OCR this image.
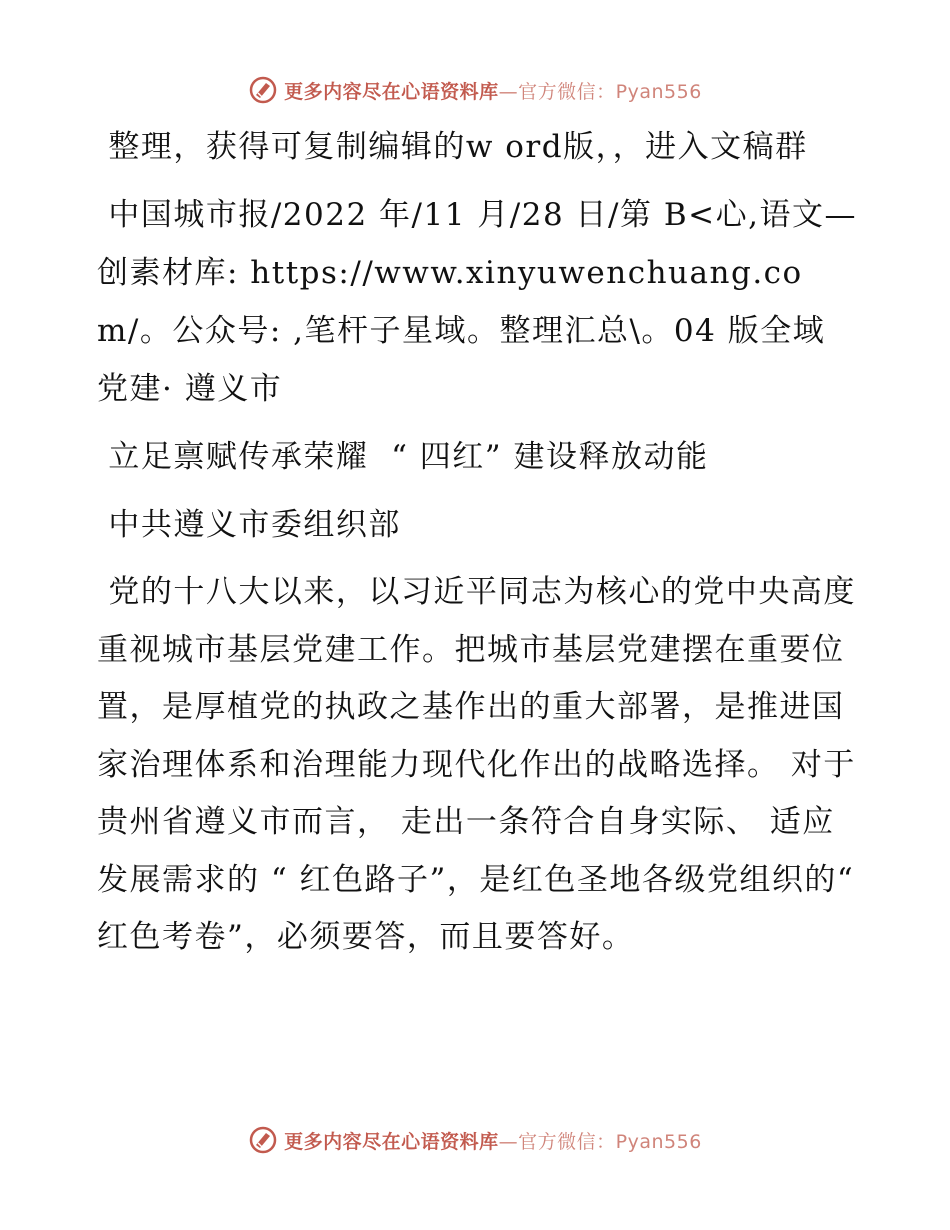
更多内容尽在心语资料库—官方微信：Pyan556

整理，获得可复制编辑的w ord版，，进入文稿群

中国城市报/2022 年/11 月/28 日/第 B<心,语文—创素材库: https://www.xinyuwenchuang.com/。公众号: ,笔杆子星域。整理汇总\。04 版全域党建· 遵义市

立足禀赋传承荣耀  “ 四红” 建设释放动能

中共遵义市委组织部

党的十八大以来，以习近平同志为核心的党中央高度重视城市基层党建工作。把城市基层党建摆在重要位置，是厚植党的执政之基作出的重大部署，是推进国家治理体系和治理能力现代化作出的战略选择。 对于贵州省遵义市而言， 走出一条符合自身实际、 适应发展需求的 “ 红色路子”，是红色圣地各级党组织的“ 红色考卷”，必须要答，而且要答好。

更多内容尽在心语资料库—官方微信：Pyan556
